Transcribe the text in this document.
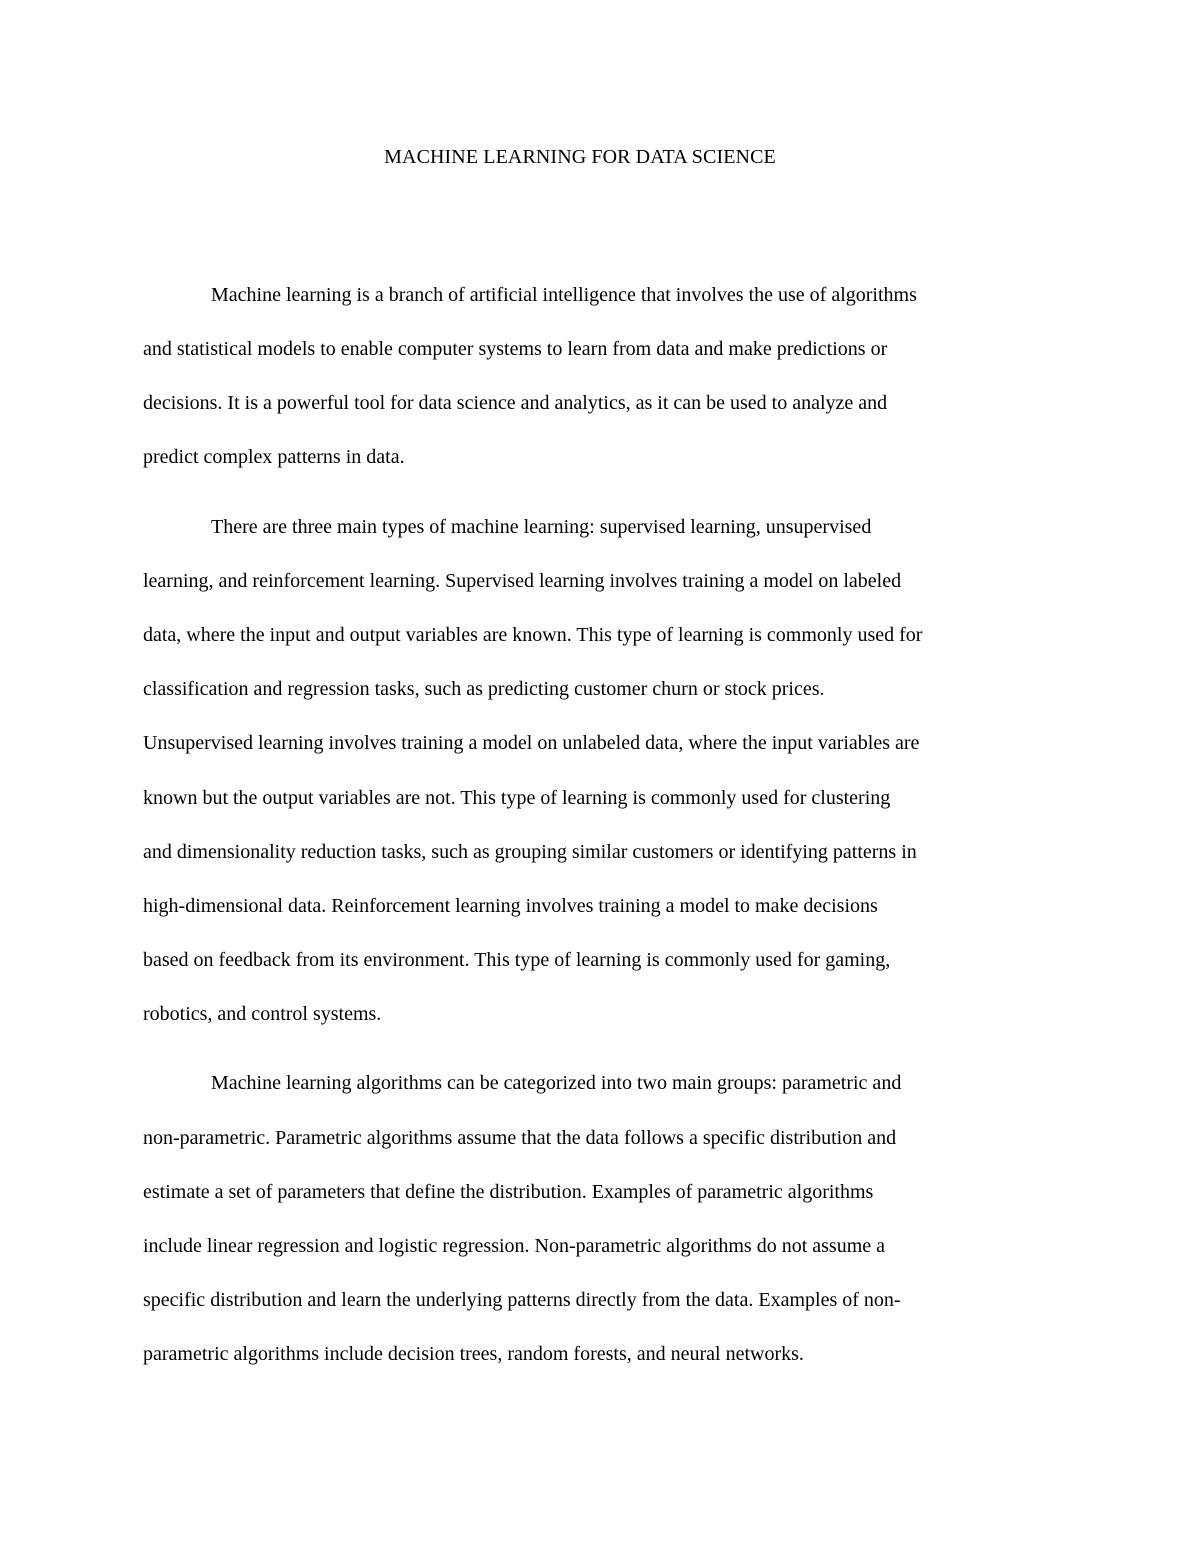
MACHINE LEARNING FOR DATA SCIENCE
Machine learning is a branch of artificial intelligence that involves the use of algorithms
and statistical models to enable computer systems to learn from data and make predictions or
decisions. It is a powerful tool for data science and analytics, as it can be used to analyze and
predict complex patterns in data.
There are three main types of machine learning: supervised learning, unsupervised
learning, and reinforcement learning. Supervised learning involves training a model on labeled
data, where the input and output variables are known. This type of learning is commonly used for
classification and regression tasks, such as predicting customer churn or stock prices.
Unsupervised learning involves training a model on unlabeled data, where the input variables are
known but the output variables are not. This type of learning is commonly used for clustering
and dimensionality reduction tasks, such as grouping similar customers or identifying patterns in
high-dimensional data. Reinforcement learning involves training a model to make decisions
based on feedback from its environment. This type of learning is commonly used for gaming,
robotics, and control systems.
Machine learning algorithms can be categorized into two main groups: parametric and
non-parametric. Parametric algorithms assume that the data follows a specific distribution and
estimate a set of parameters that define the distribution. Examples of parametric algorithms
include linear regression and logistic regression. Non-parametric algorithms do not assume a
specific distribution and learn the underlying patterns directly from the data. Examples of non-
parametric algorithms include decision trees, random forests, and neural networks.
